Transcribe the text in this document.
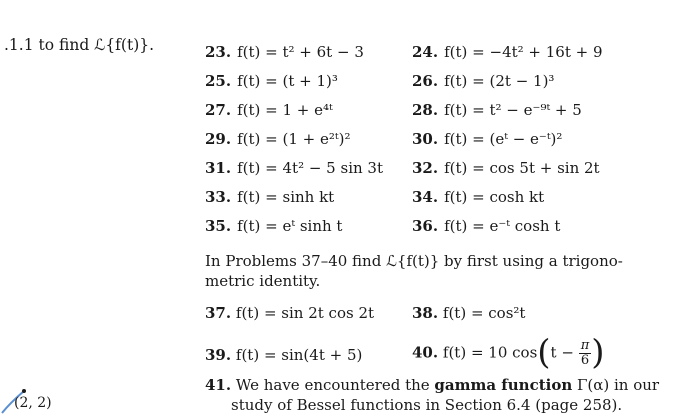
.1.1 to find ℒ{f(t)}.	23. f(t) = t² + 6t − 3	24. f(t) = −4t² + 16t + 9
25. f(t) = (t + 1)³	26. f(t) = (2t − 1)³
27. f(t) = 1 + e⁴ᵗ	28. f(t) = t² − e⁻⁹ᵗ + 5
29. f(t) = (1 + e²ᵗ)²	30. f(t) = (eᵗ − e⁻ᵗ)²
31. f(t) = 4t² − 5 sin 3t 32. f(t) = cos 5t + sin 2t
33. f(t) = sinh kt	34. f(t) = cosh kt
35. f(t) = eᵗ sinh t	36. f(t) = e⁻ᵗ cosh t
In Problems 37–40 find ℒ{f(t)} by first using a trigono-
metric identity.
37. f(t) = sin 2t cos 2t	38. f(t) = cos²t
39. f(t) = sin(4t + 5)	40. f(t) = 10 $\cos(t - \frac{\pi}{6}$ )
41. We have encountered the gamma function Γ(α) in our
study of Bessel functions in Section 6.4 (page 258).
(2, 2)
